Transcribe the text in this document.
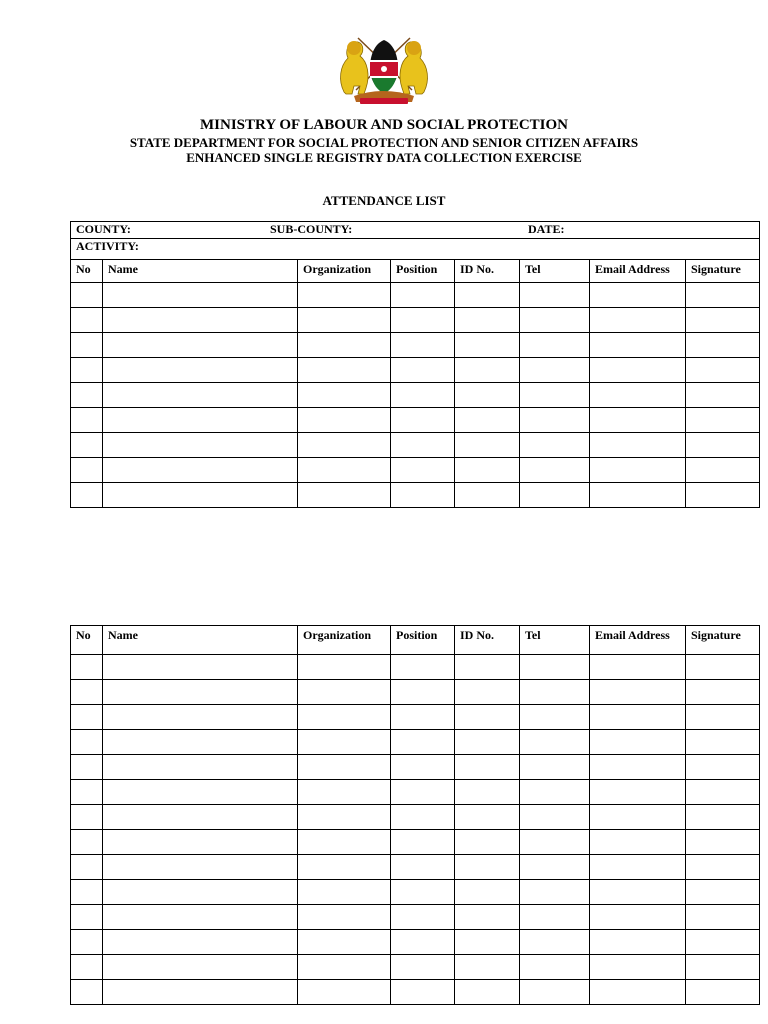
MINISTRY OF LABOUR AND SOCIAL PROTECTION
STATE DEPARTMENT FOR SOCIAL PROTECTION AND SENIOR CITIZEN AFFAIRS
ENHANCED SINGLE REGISTRY DATA COLLECTION EXERCISE
ATTENDANCE LIST
COUNTY: SUB-COUNTY: DATE:							

ACTIVITY:							
No	Name	Organization	Position	ID No.	Tel	Email Address	Signature

No	Name	Organization	Position	ID No.	Tel	Email Address	Signature
